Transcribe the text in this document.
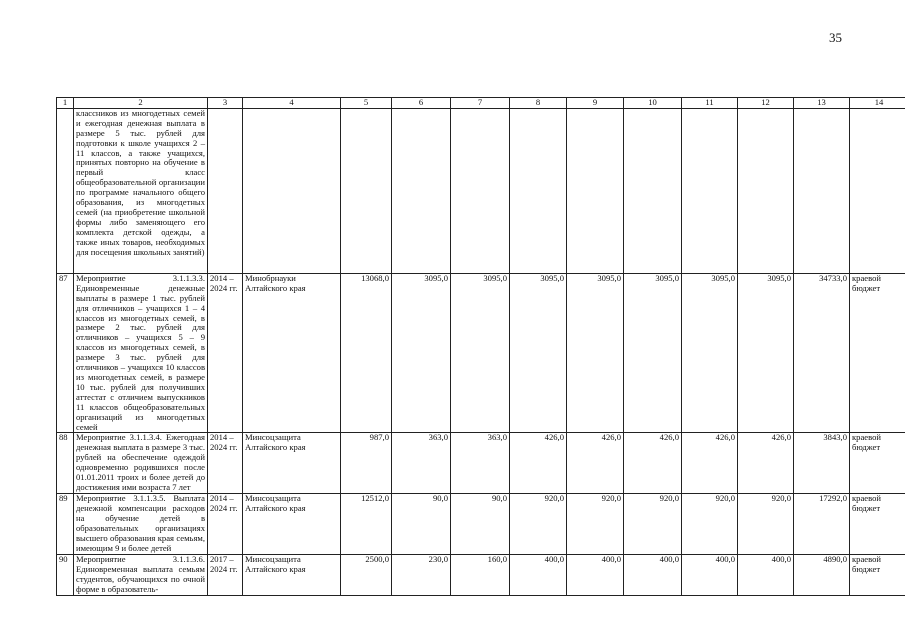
35
1	2	3	4	5	6	7	8	9	10	11	12	13	14
	классников из многодетных семей и ежегодная денежная выплата в размере 5 тыс. рублей для подготовки к школе учащихся 2 – 11 классов, а также учащихся, принятых повторно на обучение в первый класс общеобразовательной организации по программе начального общего образования, из многодетных семей (на приобретение школьной формы либо заменяющего его комплекта детской одежды, а также иных товаров, необходимых для посещения школьных занятий)												
87	Мероприятие 3.1.1.3.3. Единовременные денежные выплаты в размере 1 тыс. рублей для отличников – учащихся 1 – 4 классов из многодетных семей, в размере 2 тыс. рублей для отличников – учащихся 5 – 9 классов из многодетных семей, в размере 3 тыс. рублей для отличников – учащихся 10 классов из многодетных семей, в размере 10 тыс. рублей для получивших аттестат с отличием выпускников 11 классов общеобразовательных организаций из многодетных семей	2014 – 2024 гг.	Минобрнауки Алтайского края	13068,0	3095,0	3095,0	3095,0	3095,0	3095,0	3095,0	3095,0	34733,0	краевой бюджет
88	Мероприятие 3.1.1.3.4. Ежегодная денежная выплата в размере 3 тыс. рублей на обеспечение одеждой одновременно родившихся после 01.01.2011 троих и более детей до достижения ими возраста 7 лет	2014 – 2024 гг.	Минсоцзащита Алтайского края	987,0	363,0	363,0	426,0	426,0	426,0	426,0	426,0	3843,0	краевой бюджет
89	Мероприятие 3.1.1.3.5. Выплата денежной компенсации расходов на обучение детей в образовательных организациях высшего образования края семьям, имеющим 9 и более детей	2014 – 2024 гг.	Минсоцзащита Алтайского края	12512,0	90,0	90,0	920,0	920,0	920,0	920,0	920,0	17292,0	краевой бюджет
90	Мероприятие 3.1.1.3.6. Единовременная выплата семьям студентов, обучающихся по очной форме в образователь-	2017 – 2024 гг.	Минсоцзащита Алтайского края	2500,0	230,0	160,0	400,0	400,0	400,0	400,0	400,0	4890,0	краевой бюджет
